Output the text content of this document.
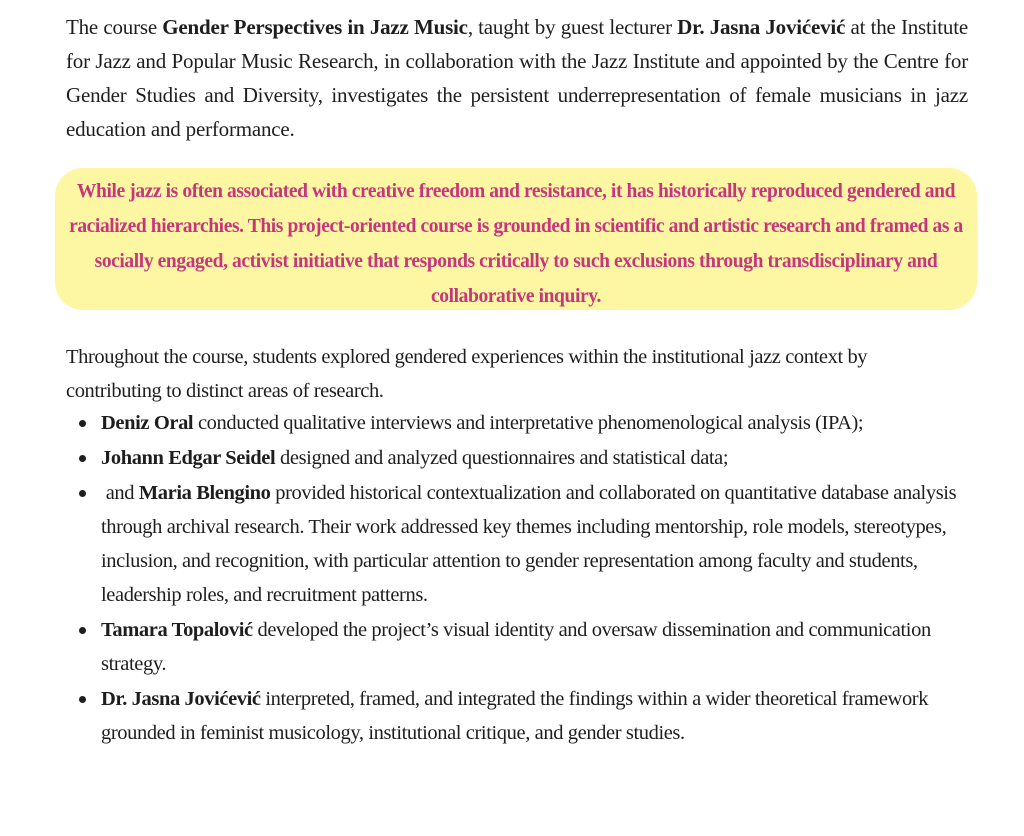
The course Gender Perspectives in Jazz Music, taught by guest lecturer Dr. Jasna Jovićević at the Institute for Jazz and Popular Music Research, in collaboration with the Jazz Institute and appointed by the Centre for Gender Studies and Diversity, investigates the persistent underrepresentation of female musicians in jazz education and performance.

While jazz is often associated with creative freedom and resistance, it has historically reproduced gendered and racialized hierarchies. This project-oriented course is grounded in scientific and artistic research and framed as a socially engaged, activist initiative that responds critically to such exclusions through transdisciplinary and collaborative inquiry.

Throughout the course, students explored gendered experiences within the institutional jazz context by contributing to distinct areas of research.

Deniz Oral conducted qualitative interviews and interpretative phenomenological analysis (IPA);
Johann Edgar Seidel designed and analyzed questionnaires and statistical data;
and Maria Blengino provided historical contextualization and collaborated on quantitative database analysis through archival research. Their work addressed key themes including mentorship, role models, stereotypes, inclusion, and recognition, with particular attention to gender representation among faculty and students, leadership roles, and recruitment patterns.
Tamara Topalović developed the project’s visual identity and oversaw dissemination and communication strategy.
Dr. Jasna Jovićević interpreted, framed, and integrated the findings within a wider theoretical framework grounded in feminist musicology, institutional critique, and gender studies.
